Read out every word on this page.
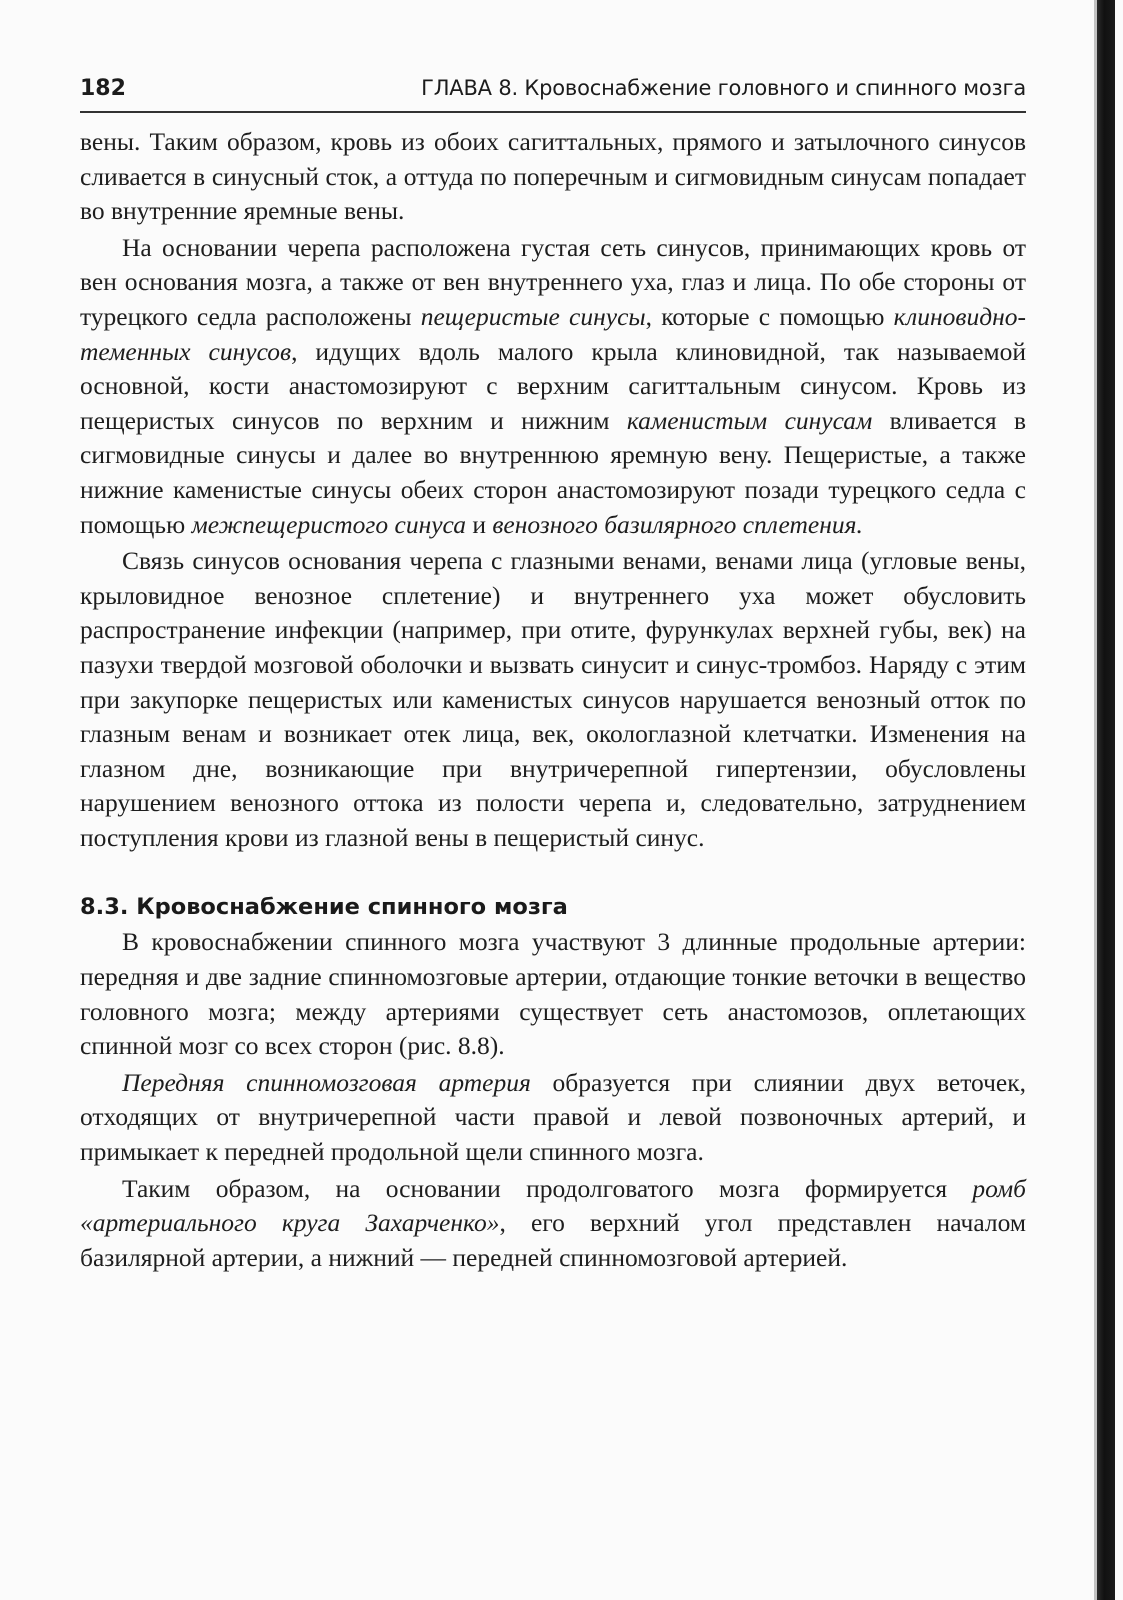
182	ГЛАВА 8. Кровоснабжение головного и спинного мозга

вены. Таким образом, кровь из обоих сагиттальных, прямого и затылочного синусов сливается в синусный сток, а оттуда по поперечным и сигмовидным синусам попадает во внутренние яремные вены.

На основании черепа расположена густая сеть синусов, принимающих кровь от вен основания мозга, а также от вен внутреннего уха, глаз и лица. По обе стороны от турецкого седла расположены пещеристые синусы, которые с помощью клиновидно-теменных синусов, идущих вдоль малого крыла клиновидной, так называемой основной, кости анастомозируют с верхним сагиттальным синусом. Кровь из пещеристых синусов по верхним и нижним каменистым синусам вливается в сигмовидные синусы и далее во внутреннюю яремную вену. Пещеристые, а также нижние каменистые синусы обеих сторон анастомозируют позади турецкого седла с помощью межпещеристого синуса и венозного базилярного сплетения.

Связь синусов основания черепа с глазными венами, венами лица (угловые вены, крыловидное венозное сплетение) и внутреннего уха может обусловить распространение инфекции (например, при отите, фурункулах верхней губы, век) на пазухи твердой мозговой оболочки и вызвать синусит и синус-тромбоз. Наряду с этим при закупорке пещеристых или каменистых синусов нарушается венозный отток по глазным венам и возникает отек лица, век, окологлазной клетчатки. Изменения на глазном дне, возникающие при внутричерепной гипертензии, обусловлены нарушением венозного оттока из полости черепа и, следовательно, затруднением поступления крови из глазной вены в пещеристый синус.

8.3. Кровоснабжение спинного мозга

В кровоснабжении спинного мозга участвуют 3 длинные продольные артерии: передняя и две задние спинномозговые артерии, отдающие тонкие веточки в вещество головного мозга; между артериями существует сеть анастомозов, оплетающих спинной мозг со всех сторон (рис. 8.8).

Передняя спинномозговая артерия образуется при слиянии двух веточек, отходящих от внутричерепной части правой и левой позвоночных артерий, и примыкает к передней продольной щели спинного мозга.

Таким образом, на основании продолговатого мозга формируется ромб «артериального круга Захарченко», его верхний угол представлен началом базилярной артерии, а нижний — передней спинномозговой артерией.
